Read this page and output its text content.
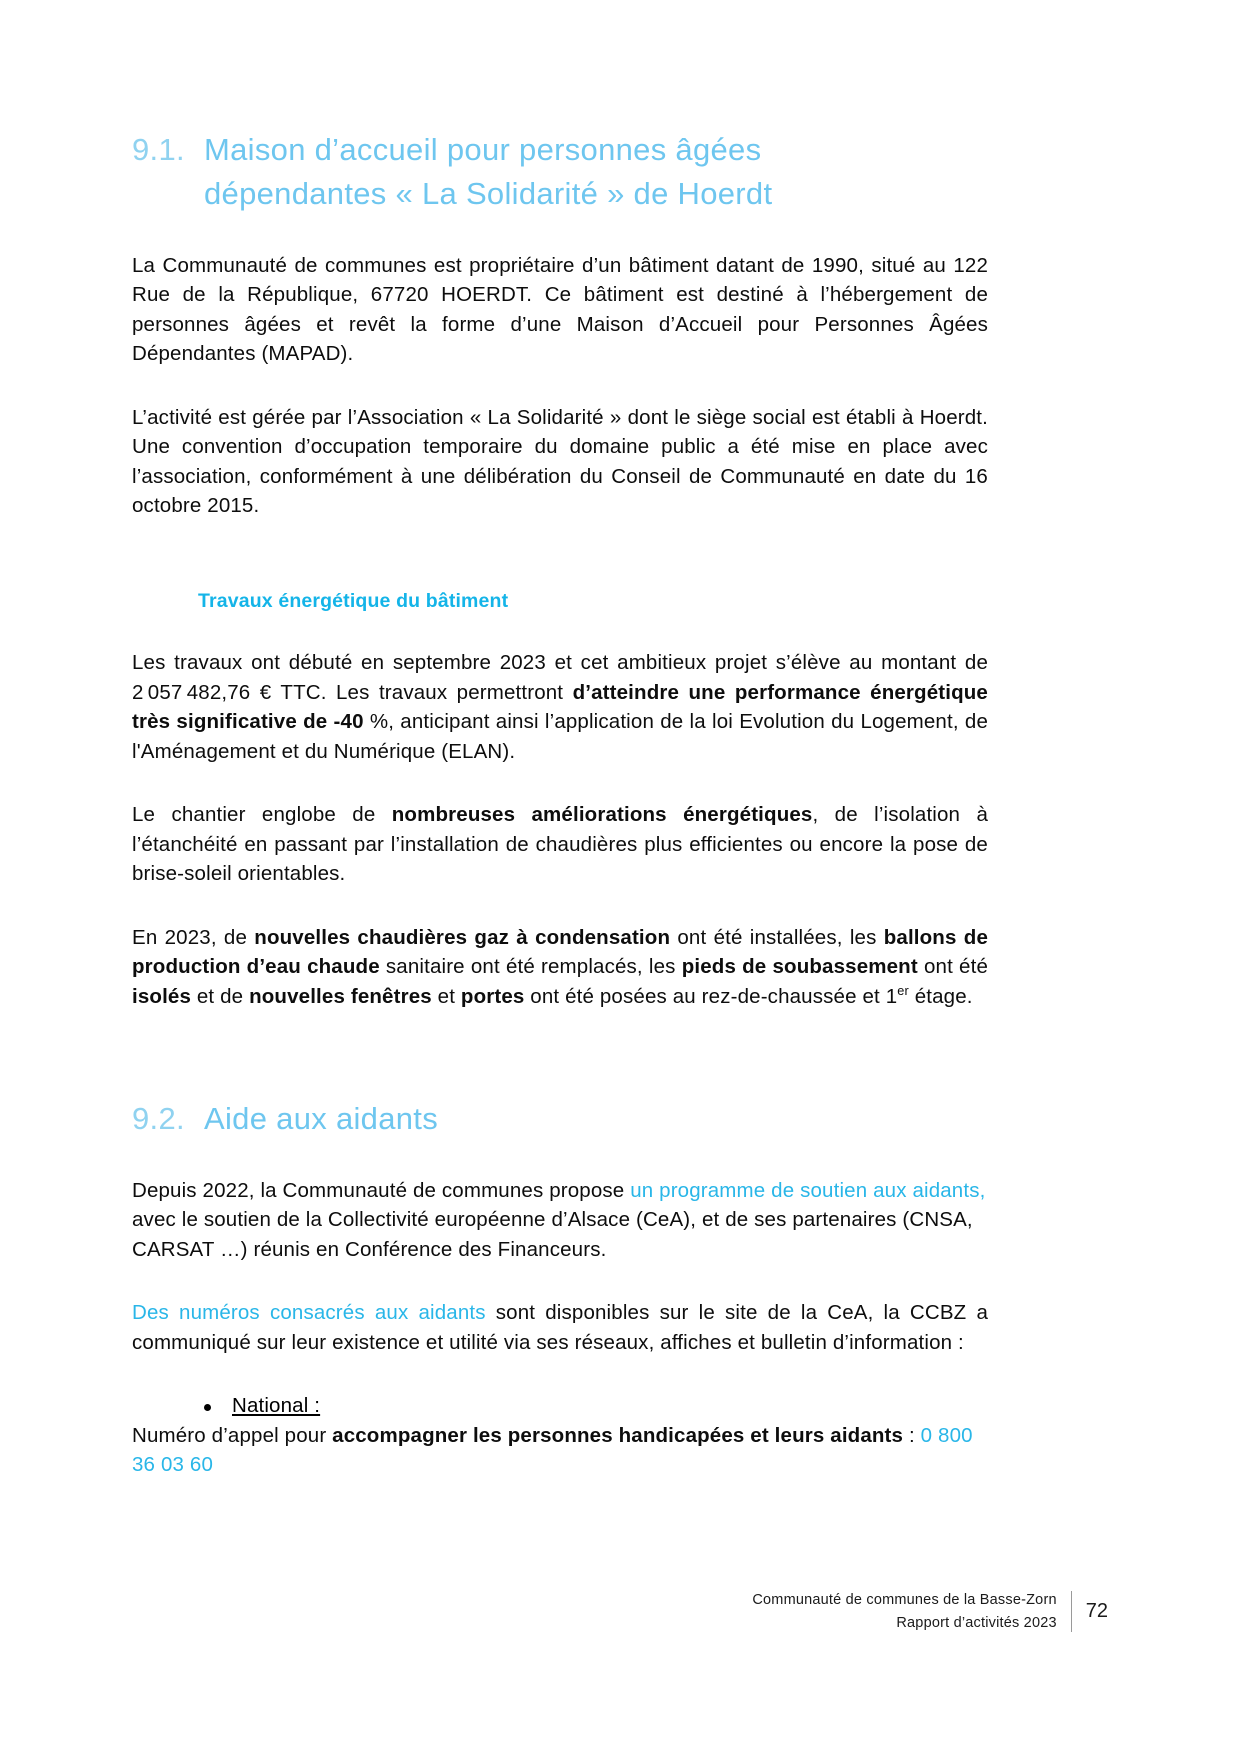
9.1. Maison d’accueil pour personnes âgées
dépendantes « La Solidarité » de Hoerdt

La Communauté de communes est propriétaire d’un bâtiment datant de 1990, situé au 122 Rue de la République, 67720 HOERDT. Ce bâtiment est destiné à l’hébergement de personnes âgées et revêt la forme d’une Maison d’Accueil pour Personnes Âgées Dépendantes (MAPAD).

L’activité est gérée par l’Association « La Solidarité » dont le siège social est établi à Hoerdt. Une convention d’occupation temporaire du domaine public a été mise en place avec l’association, conformément à une délibération du Conseil de Communauté en date du 16 octobre 2015.

Travaux énergétique du bâtiment

Les travaux ont débuté en septembre 2023 et cet ambitieux projet s’élève au montant de 2 057 482,76 € TTC. Les travaux permettront d’atteindre une performance énergétique très significative de -40 %, anticipant ainsi l’application de la loi Evolution du Logement, de l'Aménagement et du Numérique (ELAN).

Le chantier englobe de nombreuses améliorations énergétiques, de l’isolation à l’étanchéité en passant par l’installation de chaudières plus efficientes ou encore la pose de brise-soleil orientables.

En 2023, de nouvelles chaudières gaz à condensation ont été installées, les ballons de production d’eau chaude sanitaire ont été remplacés, les pieds de soubassement ont été isolés et de nouvelles fenêtres et portes ont été posées au rez-de-chaussée et 1er étage.

9.2. Aide aux aidants

Depuis 2022, la Communauté de communes propose un programme de soutien aux aidants, avec le soutien de la Collectivité européenne d’Alsace (CeA), et de ses partenaires (CNSA, CARSAT …) réunis en Conférence des Financeurs.

Des numéros consacrés aux aidants sont disponibles sur le site de la CeA, la CCBZ a communiqué sur leur existence et utilité via ses réseaux, affiches et bulletin d’information :

National :

Numéro d’appel pour accompagner les personnes handicapées et leurs aidants : 0 800 36 03 60

Communauté de communes de la Basse-Zorn
Rapport d’activités 2023
72
